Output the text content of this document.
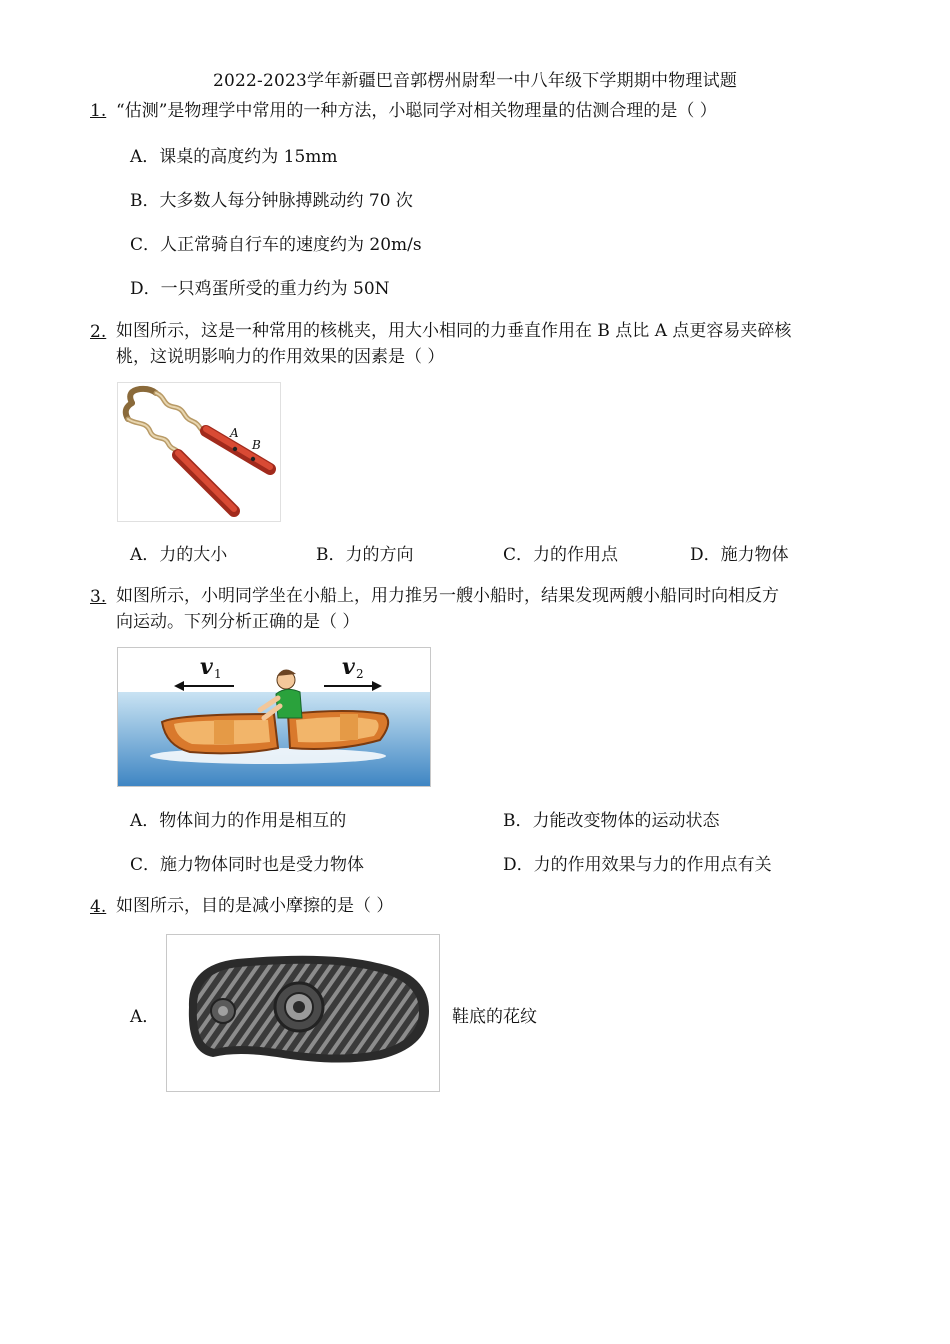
2022-2023学年新疆巴音郭楞州尉犁一中八年级下学期期中物理试题
1. “估测”是物理学中常用的一种方法，小聪同学对相关物理量的估测合理的是（ ）
A．课桌的高度约为 15mm
B．大多数人每分钟脉搏跳动约 70 次
C．人正常骑自行车的速度约为 20m/s
D．一只鸡蛋所受的重力约为 50N
2. 如图所示，这是一种常用的核桃夹，用大小相同的力垂直作用在 B 点比 A 点更容易夹碎核
桃，这说明影响力的作用效果的因素是（ ）
A
B
A．力的大小	B．力的方向	C．力的作用点	D．施力物体
3. 如图所示，小明同学坐在小船上，用力推另一艘小船时，结果发现两艘小船同时向相反方
向运动。下列分析正确的是（ ）
v 1	v 2
A．物体间力的作用是相互的	B．力能改变物体的运动状态
C．施力物体同时也是受力物体	D．力的作用效果与力的作用点有关
4. 如图所示，目的是减小摩擦的是（ ）
A．	鞋底的花纹
